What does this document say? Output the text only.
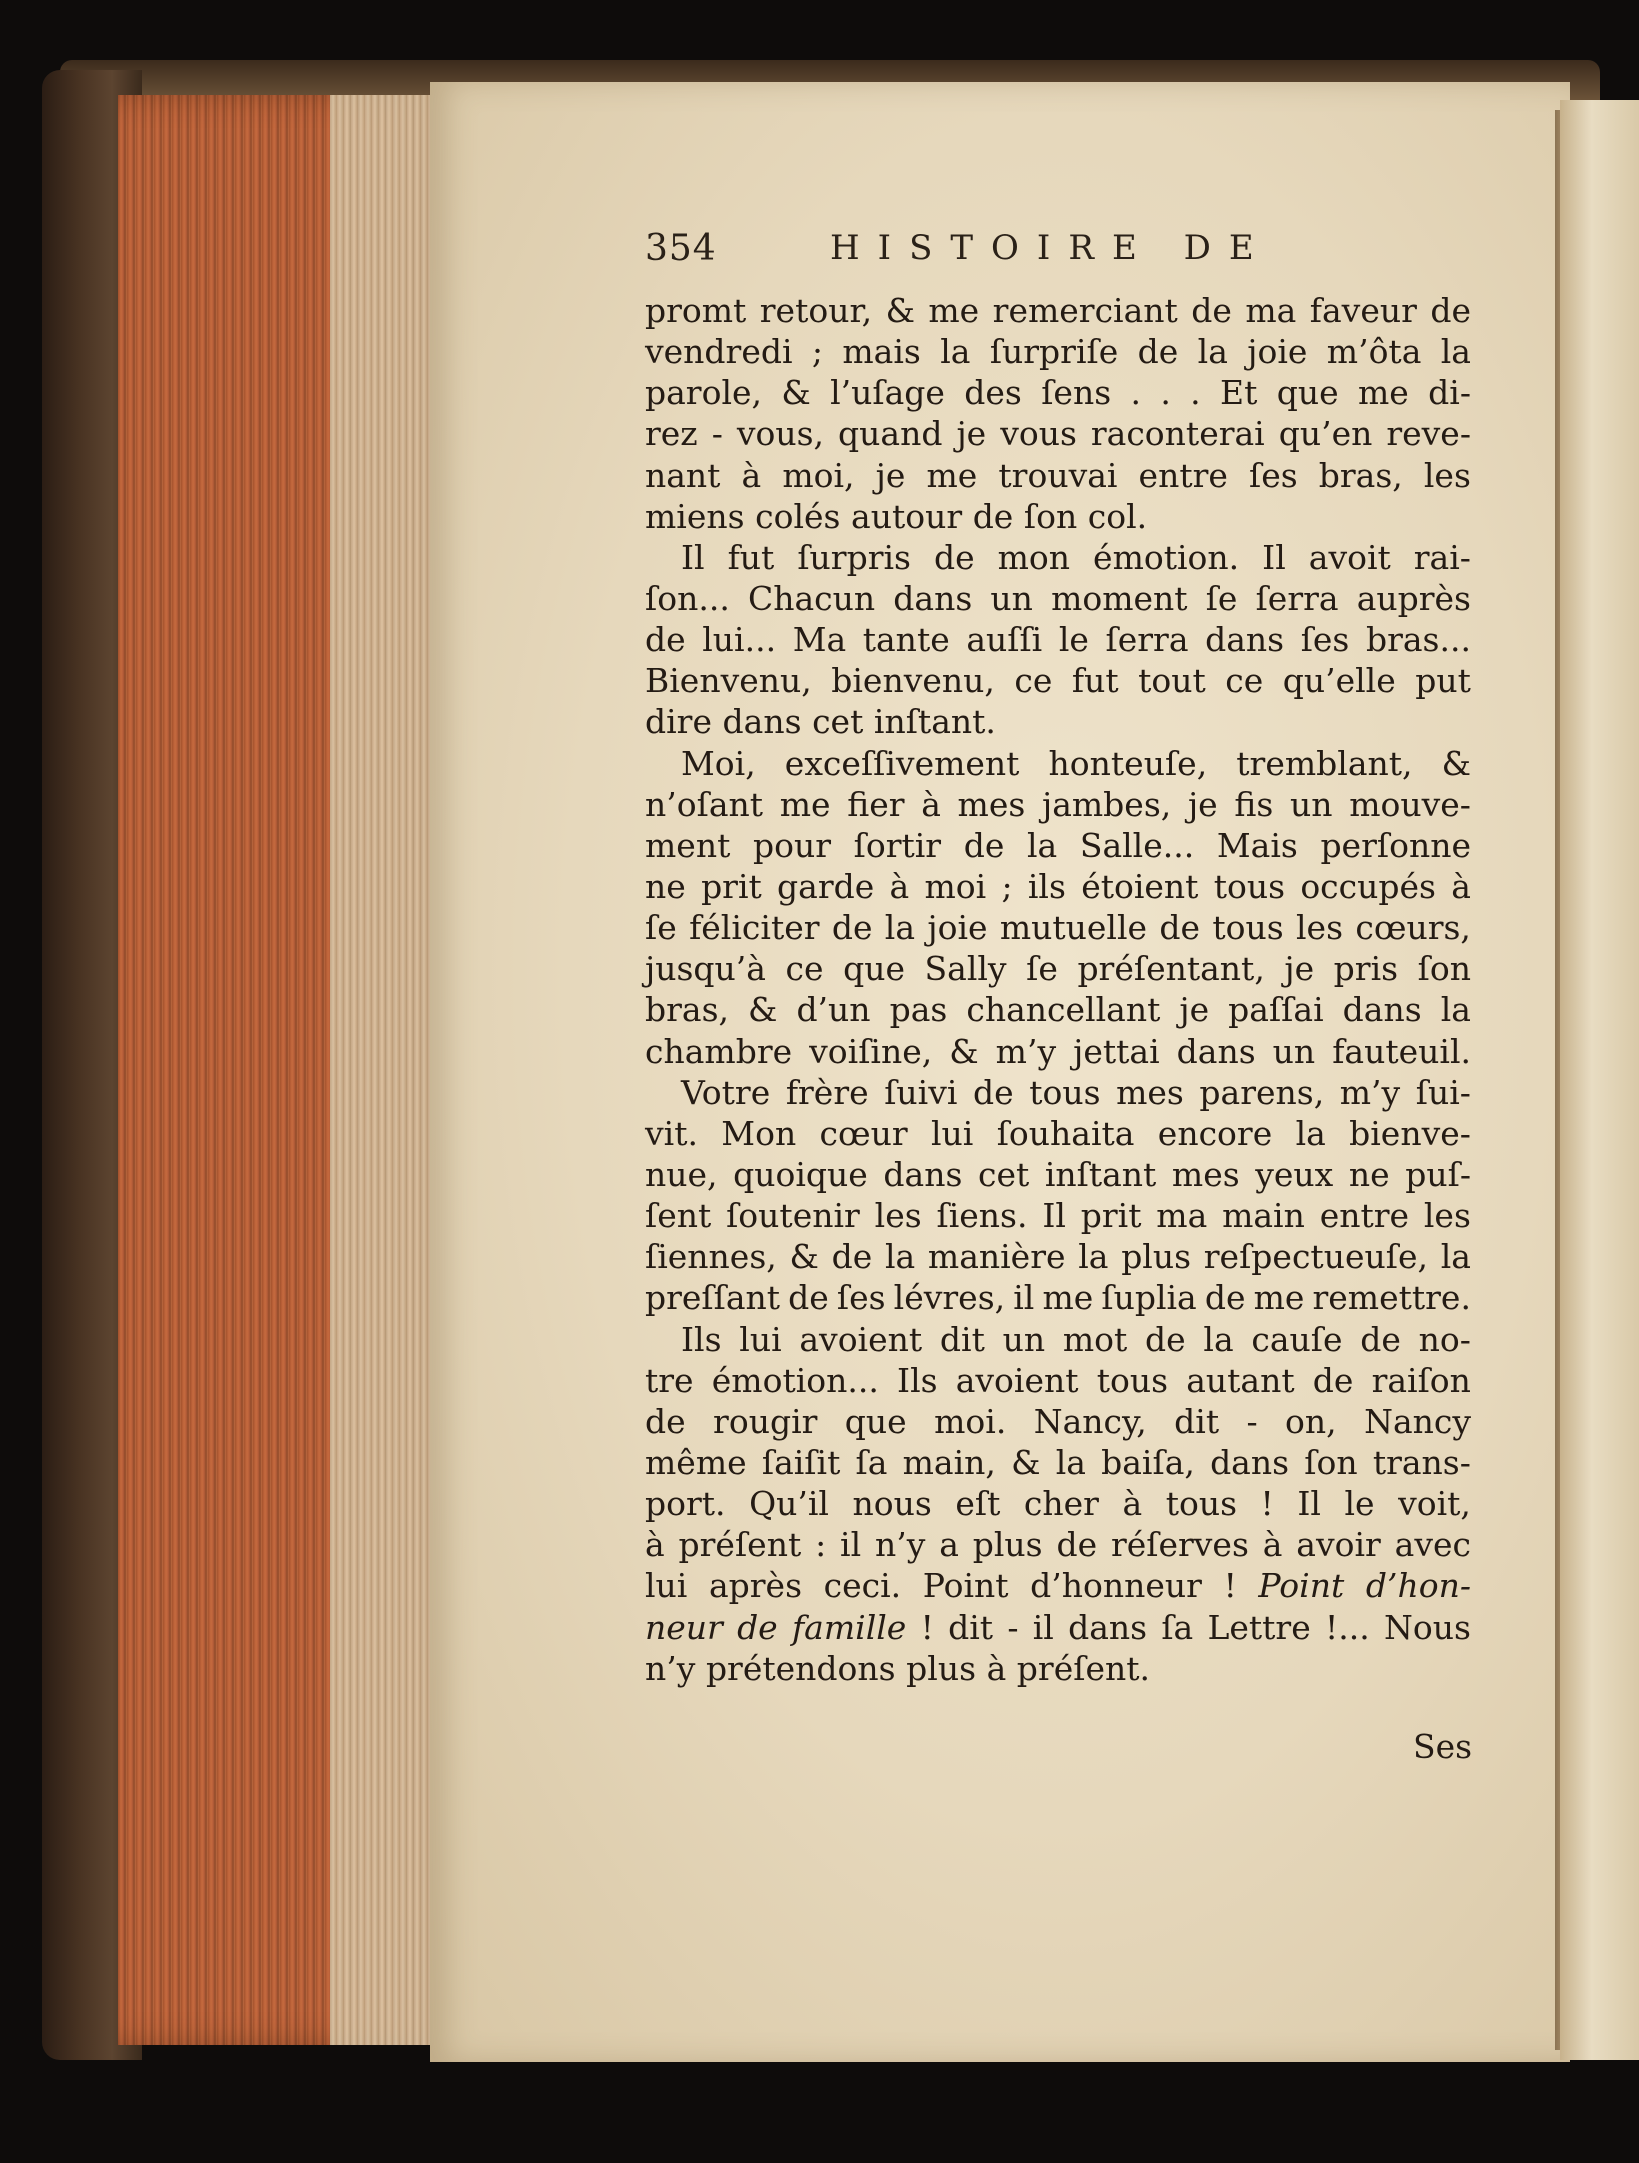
354	HISTOIRE DE
promt retour, & me remerciant de ma faveur de
vendredi ; mais la ſurpriſe de la joie m’ôta la
parole, & l’uſage des ſens . . . Et que me di-
rez - vous, quand je vous raconterai qu’en reve-
nant à moi, je me trouvai entre ſes bras, les
miens colés autour de ſon col.
Il fut ſurpris de mon émotion. Il avoit rai-
ſon... Chacun dans un moment ſe ſerra auprès
de lui... Ma tante auſſi le ſerra dans ſes bras...
Bienvenu, bienvenu, ce fut tout ce qu’elle put
dire dans cet inſtant.
Moi, exceſſivement honteuſe, tremblant, &
n’oſant me fier à mes jambes, je fis un mouve-
ment pour ſortir de la Salle... Mais perſonne
ne prit garde à moi ; ils étoient tous occupés à
ſe féliciter de la joie mutuelle de tous les cœurs,
jusqu’à ce que Sally ſe préſentant, je pris ſon
bras, & d’un pas chancellant je paſſai dans la
chambre voiſine, & m’y jettai dans un fauteuil.
Votre frère ſuivi de tous mes parens, m’y ſui-
vit. Mon cœur lui ſouhaita encore la bienve-
nue, quoique dans cet inſtant mes yeux ne puſ-
ſent ſoutenir les ſiens. Il prit ma main entre les
ſiennes, & de la manière la plus reſpectueuſe, la
preſſant de ſes lévres, il me ſuplia de me remettre.
Ils lui avoient dit un mot de la cauſe de no-
tre émotion... Ils avoient tous autant de raiſon
de rougir que moi. Nancy, dit - on, Nancy
même ſaiſit ſa main, & la baiſa, dans ſon trans-
port. Qu’il nous eſt cher à tous ! Il le voit,
à préſent : il n’y a plus de réſerves à avoir avec
lui après ceci. Point d’honneur ! Point d’hon-
neur de famille ! dit - il dans ſa Lettre !... Nous
n’y prétendons plus à préſent.
Ses
